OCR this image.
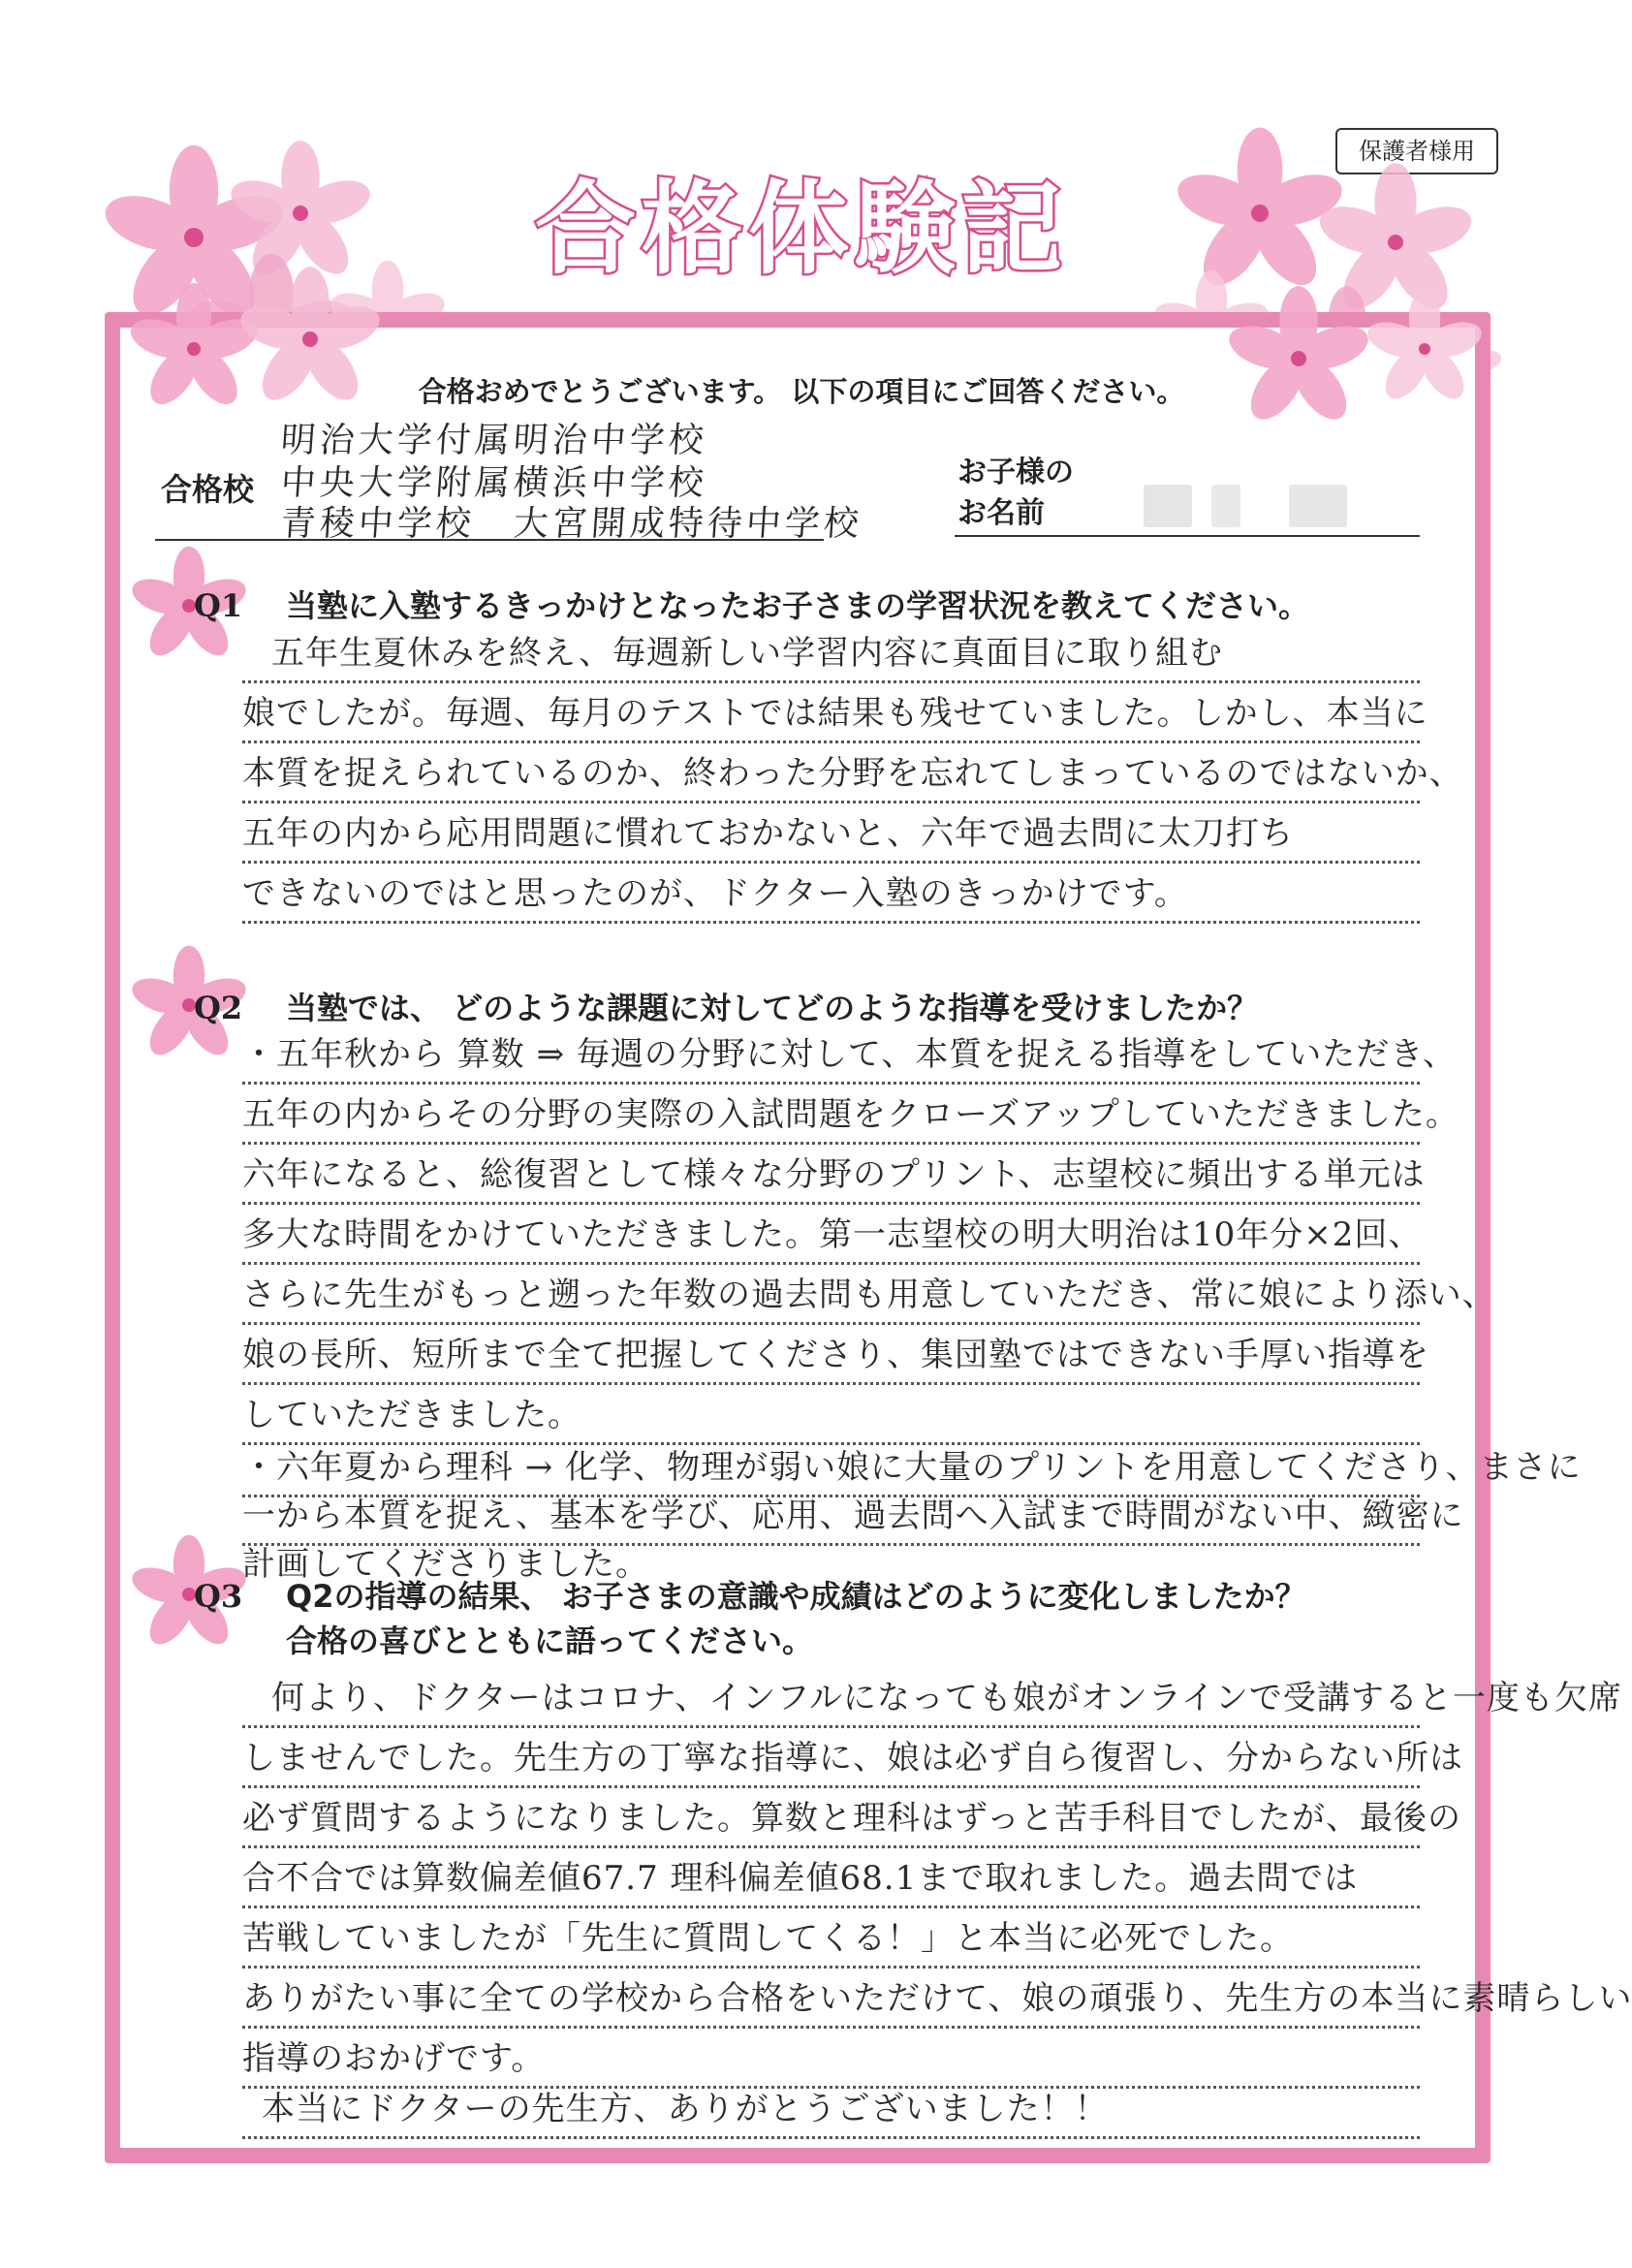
保護者様用
合格体験記
合格おめでとうございます。 以下の項目にご回答ください。
合格校
明治大学付属明治中学校
中央大学附属横浜中学校
青稜中学校　大宮開成特待中学校
お子様の
お名前
Q1 当塾に入塾するきっかけとなったお子さまの学習状況を教えてください。
五年生夏休みを終え、毎週新しい学習内容に真面目に取り組む
娘でしたが。毎週、毎月のテストでは結果も残せていました。しかし、本当に
本質を捉えられているのか、終わった分野を忘れてしまっているのではないか、
五年の内から応用問題に慣れておかないと、六年で過去問に太刀打ち
できないのではと思ったのが、ドクター入塾のきっかけです。
Q2 当塾では、 どのような課題に対してどのような指導を受けましたか？
・五年秋から 算数 ⇒ 毎週の分野に対して、本質を捉える指導をしていただき、
五年の内からその分野の実際の入試問題をクローズアップしていただきました。
六年になると、総復習として様々な分野のプリント、志望校に頻出する単元は
多大な時間をかけていただきました。第一志望校の明大明治は10年分×2回、
さらに先生がもっと遡った年数の過去問も用意していただき、常に娘により添い、
娘の長所、短所まで全て把握してくださり、集団塾ではできない手厚い指導を
していただきました。
・六年夏から理科 → 化学、物理が弱い娘に大量のプリントを用意してくださり、まさに
一から本質を捉え、基本を学び、応用、過去問へ入試まで時間がない中、緻密に
計画してくださりました。
Q3 Q2の指導の結果、 お子さまの意識や成績はどのように変化しましたか？
合格の喜びとともに語ってください。
何より、ドクターはコロナ、インフルになっても娘がオンラインで受講すると一度も欠席
しませんでした。先生方の丁寧な指導に、娘は必ず自ら復習し、分からない所は
必ず質問するようになりました。算数と理科はずっと苦手科目でしたが、最後の
合不合では算数偏差値67.7 理科偏差値68.1まで取れました。過去問では
苦戦していましたが「先生に質問してくる！」と本当に必死でした。
ありがたい事に全ての学校から合格をいただけて、娘の頑張り、先生方の本当に素晴らしい
指導のおかげです。
本当にドクターの先生方、ありがとうございました！！
